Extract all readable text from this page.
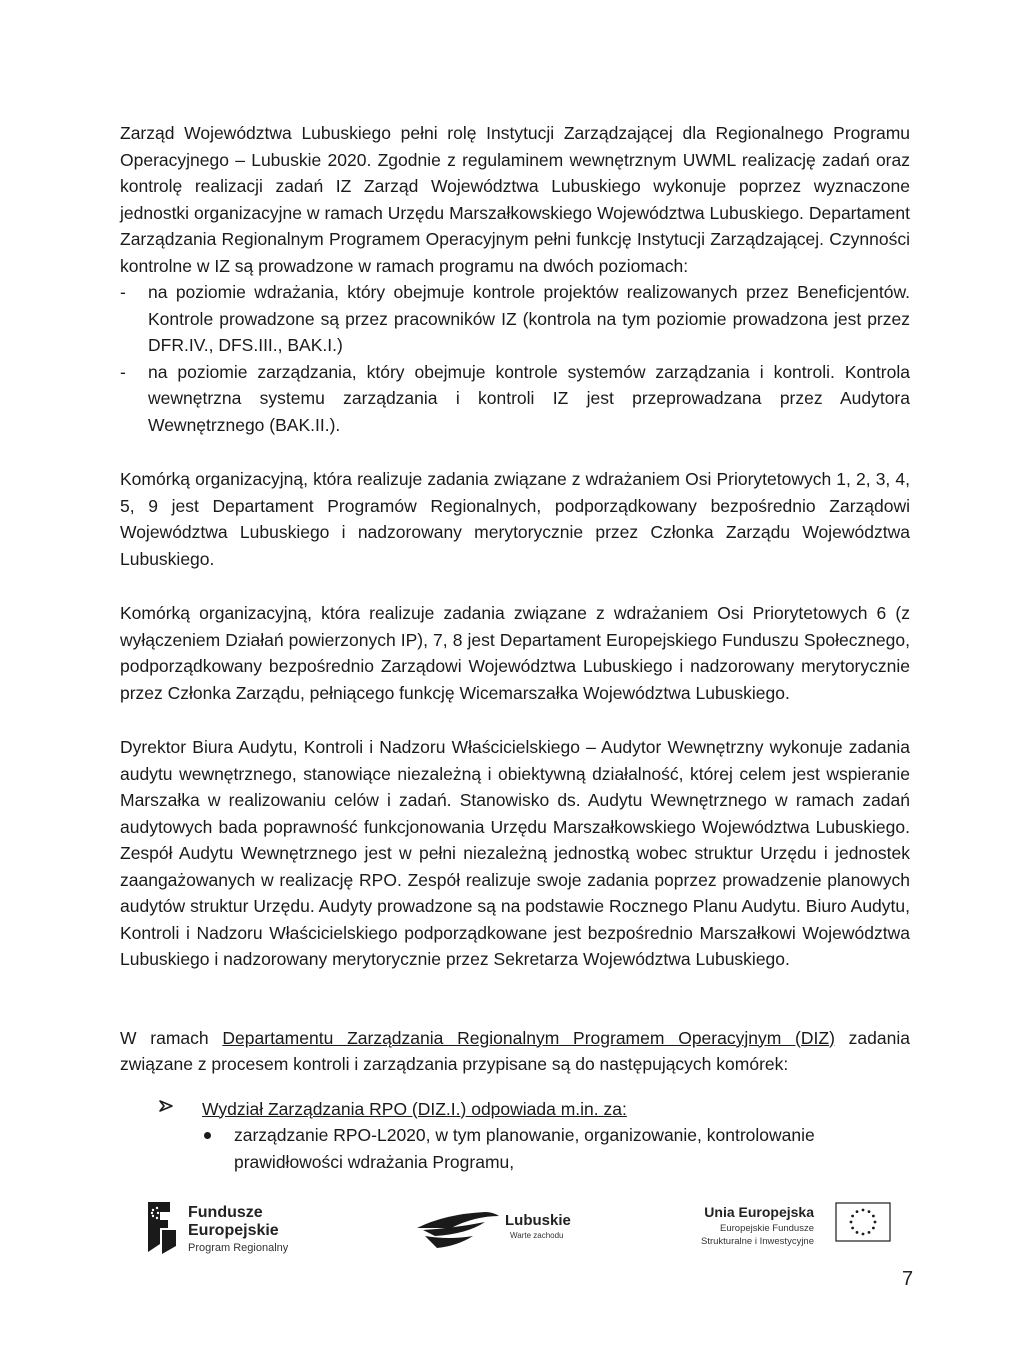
Zarząd Województwa Lubuskiego pełni rolę Instytucji Zarządzającej dla Regionalnego Programu Operacyjnego – Lubuskie 2020. Zgodnie z regulaminem wewnętrznym UWML realizację zadań oraz kontrolę realizacji zadań IZ Zarząd Województwa Lubuskiego wykonuje poprzez wyznaczone jednostki organizacyjne w ramach Urzędu Marszałkowskiego Województwa Lubuskiego. Departament Zarządzania Regionalnym Programem Operacyjnym pełni funkcję Instytucji Zarządzającej. Czynności kontrolne w IZ są prowadzone w ramach programu na dwóch poziomach:

- na poziomie wdrażania, który obejmuje kontrole projektów realizowanych przez Beneficjentów. Kontrole prowadzone są przez pracowników IZ (kontrola na tym poziomie prowadzona jest przez DFR.IV., DFS.III., BAK.I.)
- na poziomie zarządzania, który obejmuje kontrole systemów zarządzania i kontroli. Kontrola wewnętrzna systemu zarządzania i kontroli IZ jest przeprowadzana przez Audytora Wewnętrznego (BAK.II.).

Komórką organizacyjną, która realizuje zadania związane z wdrażaniem Osi Priorytetowych 1, 2, 3, 4, 5, 9 jest Departament Programów Regionalnych, podporządkowany bezpośrednio Zarządowi Województwa Lubuskiego i nadzorowany merytorycznie przez Członka Zarządu Województwa Lubuskiego.

Komórką organizacyjną, która realizuje zadania związane z wdrażaniem Osi Priorytetowych 6 (z wyłączeniem Działań powierzonych IP), 7, 8 jest Departament Europejskiego Funduszu Społecznego, podporządkowany bezpośrednio Zarządowi Województwa Lubuskiego i nadzorowany merytorycznie przez Członka Zarządu, pełniącego funkcję Wicemarszałka Województwa Lubuskiego.

Dyrektor Biura Audytu, Kontroli i Nadzoru Właścicielskiego – Audytor Wewnętrzny wykonuje zadania audytu wewnętrznego, stanowiące niezależną i obiektywną działalność, której celem jest wspieranie Marszałka w realizowaniu celów i zadań. Stanowisko ds. Audytu Wewnętrznego w ramach zadań audytowych bada poprawność funkcjonowania Urzędu Marszałkowskiego Województwa Lubuskiego. Zespół Audytu Wewnętrznego jest w pełni niezależną jednostką wobec struktur Urzędu i jednostek zaangażowanych w realizację RPO. Zespół realizuje swoje zadania poprzez prowadzenie planowych audytów struktur Urzędu. Audyty prowadzone są na podstawie Rocznego Planu Audytu. Biuro Audytu, Kontroli i Nadzoru Właścicielskiego podporządkowane jest bezpośrednio Marszałkowi Województwa Lubuskiego i nadzorowany merytorycznie przez Sekretarza Województwa Lubuskiego.

W ramach Departamentu Zarządzania Regionalnym Programem Operacyjnym (DIZ) zadania związane z procesem kontroli i zarządzania przypisane są do następujących komórek:

Wydział Zarządzania RPO (DIZ.I.) odpowiada m.in. za:

zarządzanie RPO-L2020, w tym planowanie, organizowanie, kontrolowanie prawidłowości wdrażania Programu,
Fundusze
Europejskie
Program Regionalny
Lubuskie
Warte zachodu
Unia Europejska
Europejskie Fundusze
Strukturalne i Inwestycyjne
7
